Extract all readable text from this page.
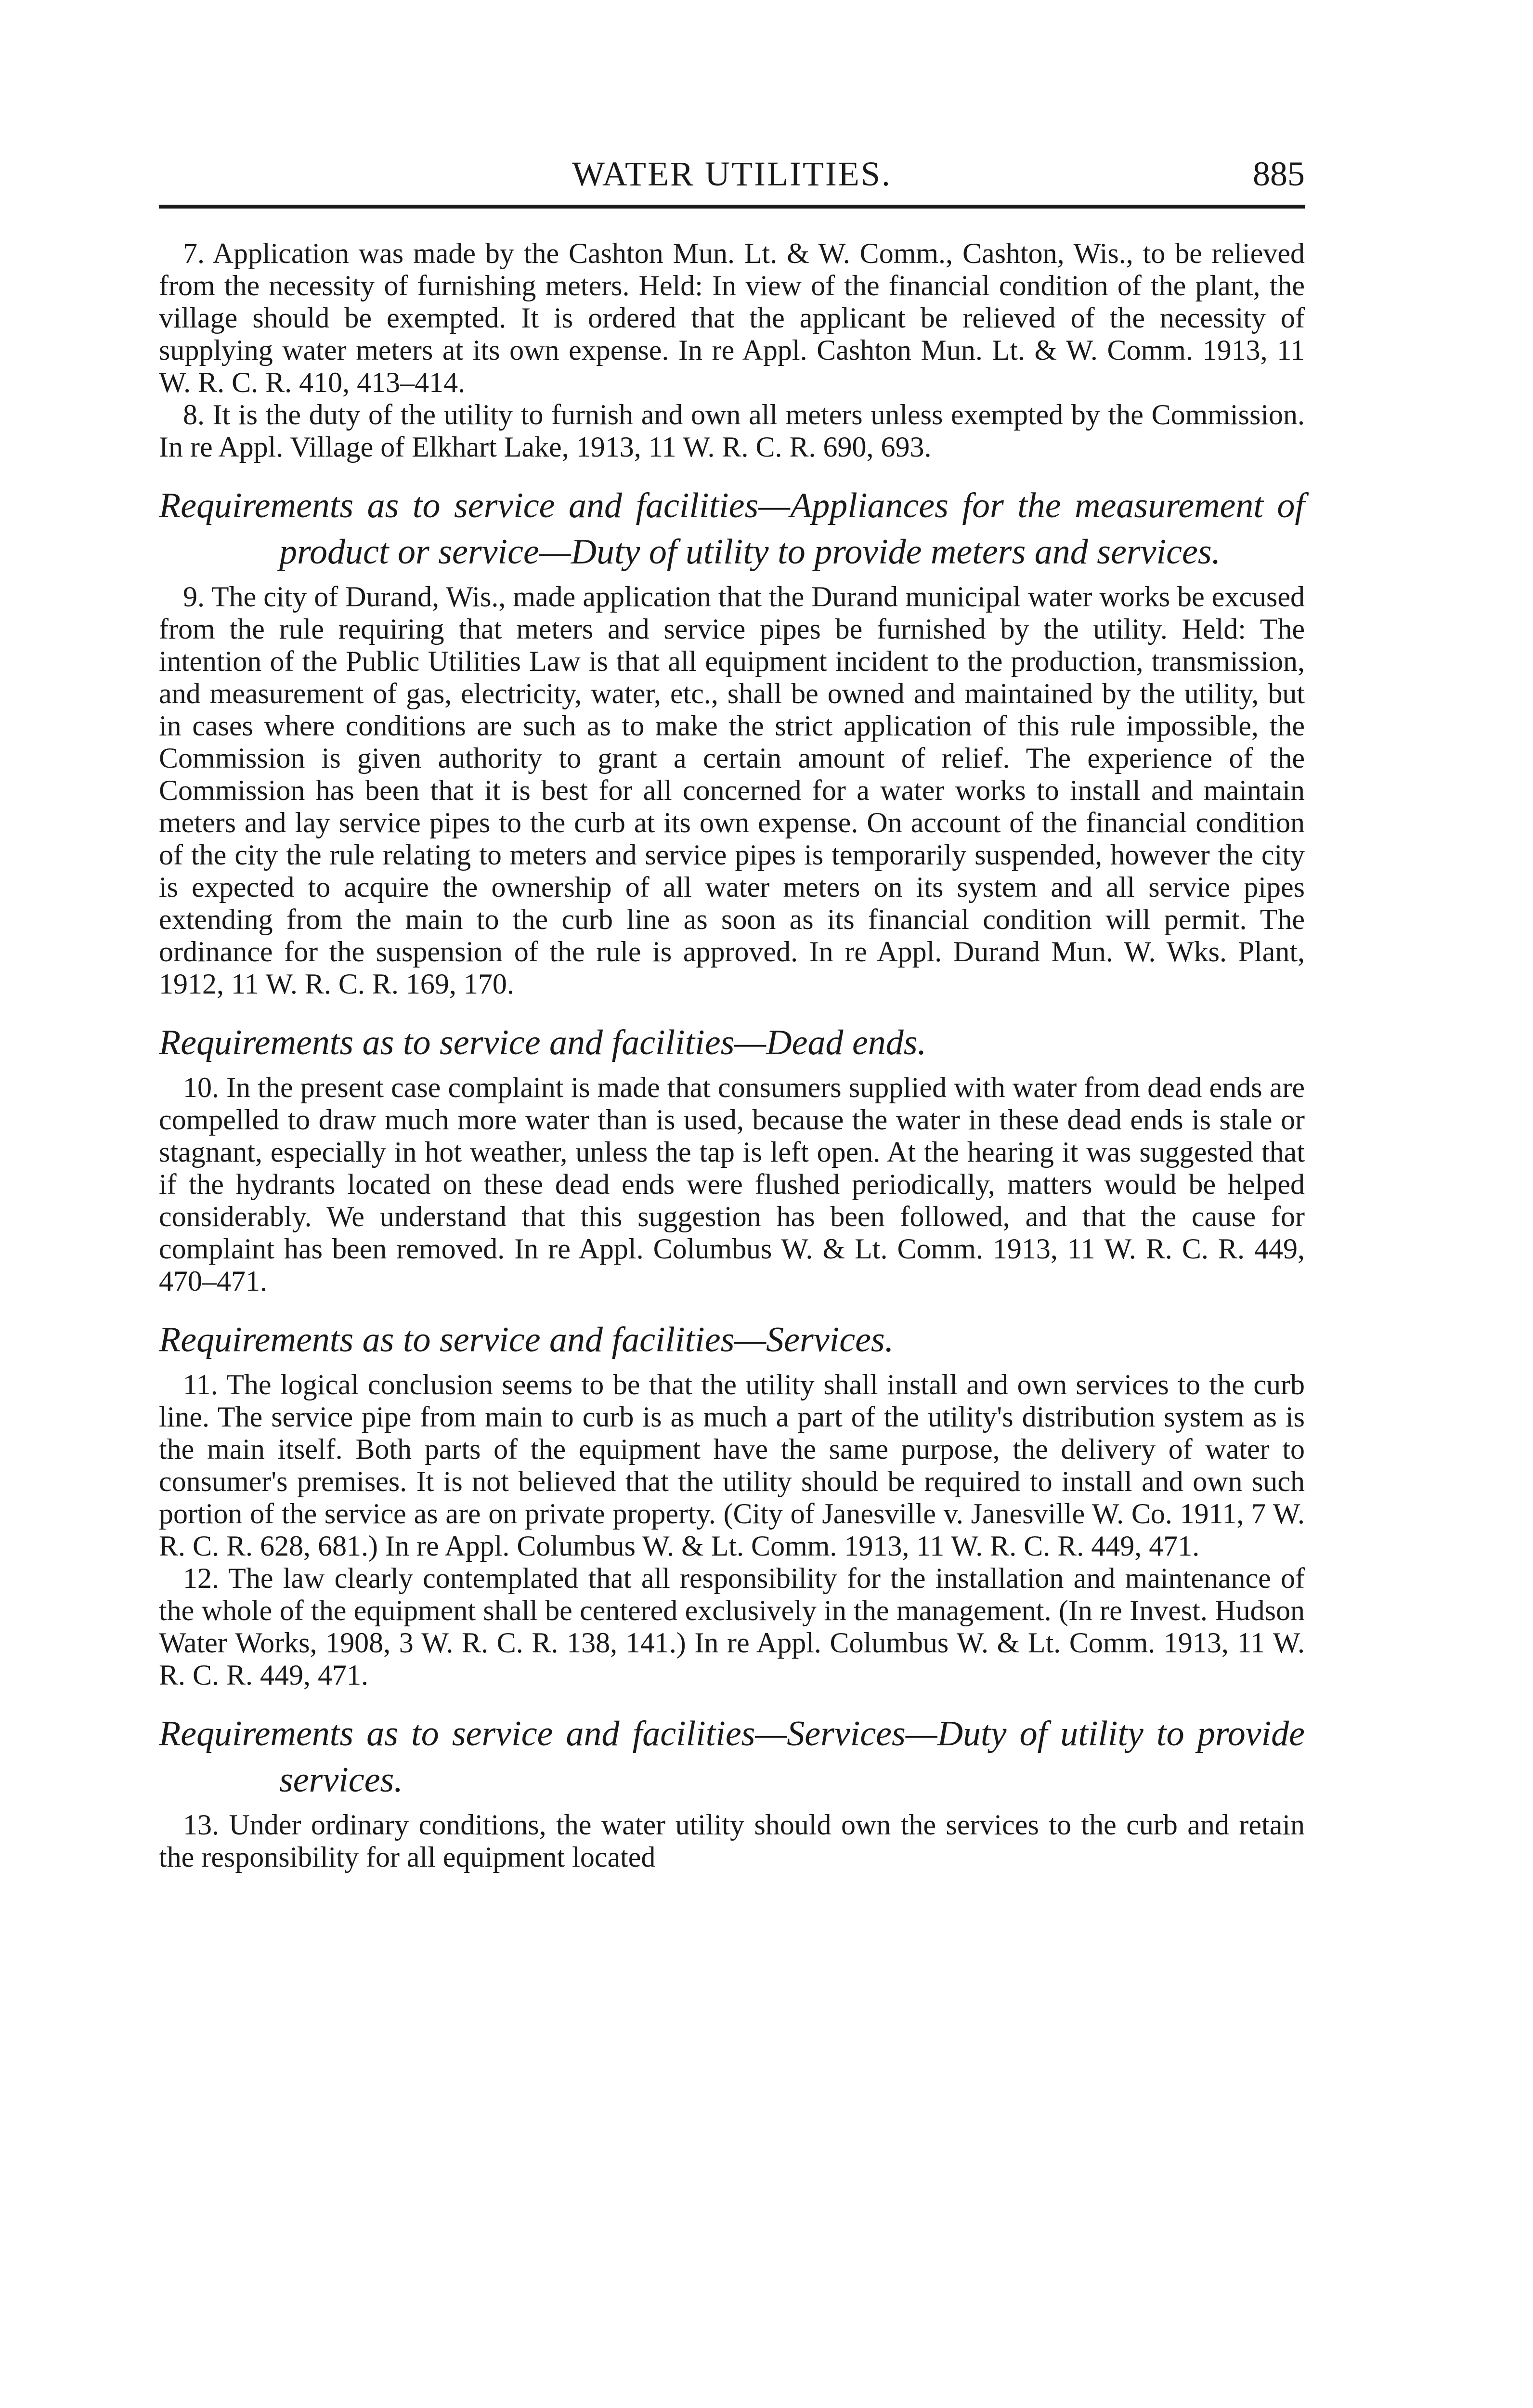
WATER UTILITIES.	885

7. Application was made by the Cashton Mun. Lt. & W. Comm., Cashton, Wis., to be relieved from the necessity of furnishing meters. Held: In view of the financial condition of the plant, the village should be exempted. It is ordered that the applicant be relieved of the necessity of supplying water meters at its own expense. In re Appl. Cashton Mun. Lt. & W. Comm. 1913, 11 W. R. C. R. 410, 413–414.

8. It is the duty of the utility to furnish and own all meters unless exempted by the Commission. In re Appl. Village of Elkhart Lake, 1913, 11 W. R. C. R. 690, 693.

Requirements as to service and facilities—Appliances for the measurement of product or service—Duty of utility to provide meters and services.

9. The city of Durand, Wis., made application that the Durand municipal water works be excused from the rule requiring that meters and service pipes be furnished by the utility. Held: The intention of the Public Utilities Law is that all equipment incident to the production, transmission, and measurement of gas, electricity, water, etc., shall be owned and maintained by the utility, but in cases where conditions are such as to make the strict application of this rule impossible, the Commission is given authority to grant a certain amount of relief. The experience of the Commission has been that it is best for all concerned for a water works to install and maintain meters and lay service pipes to the curb at its own expense. On account of the financial condition of the city the rule relating to meters and service pipes is temporarily suspended, however the city is expected to acquire the ownership of all water meters on its system and all service pipes extending from the main to the curb line as soon as its financial condition will permit. The ordinance for the suspension of the rule is approved. In re Appl. Durand Mun. W. Wks. Plant, 1912, 11 W. R. C. R. 169, 170.

Requirements as to service and facilities—Dead ends.

10. In the present case complaint is made that consumers supplied with water from dead ends are compelled to draw much more water than is used, because the water in these dead ends is stale or stagnant, especially in hot weather, unless the tap is left open. At the hearing it was suggested that if the hydrants located on these dead ends were flushed periodically, matters would be helped considerably. We understand that this suggestion has been followed, and that the cause for complaint has been removed. In re Appl. Columbus W. & Lt. Comm. 1913, 11 W. R. C. R. 449, 470–471.

Requirements as to service and facilities—Services.

11. The logical conclusion seems to be that the utility shall install and own services to the curb line. The service pipe from main to curb is as much a part of the utility's distribution system as is the main itself. Both parts of the equipment have the same purpose, the delivery of water to consumer's premises. It is not believed that the utility should be required to install and own such portion of the service as are on private property. (City of Janesville v. Janesville W. Co. 1911, 7 W. R. C. R. 628, 681.) In re Appl. Columbus W. & Lt. Comm. 1913, 11 W. R. C. R. 449, 471.

12. The law clearly contemplated that all responsibility for the installation and maintenance of the whole of the equipment shall be centered exclusively in the management. (In re Invest. Hudson Water Works, 1908, 3 W. R. C. R. 138, 141.) In re Appl. Columbus W. & Lt. Comm. 1913, 11 W. R. C. R. 449, 471.

Requirements as to service and facilities—Services—Duty of utility to provide services.

13. Under ordinary conditions, the water utility should own the services to the curb and retain the responsibility for all equipment located
